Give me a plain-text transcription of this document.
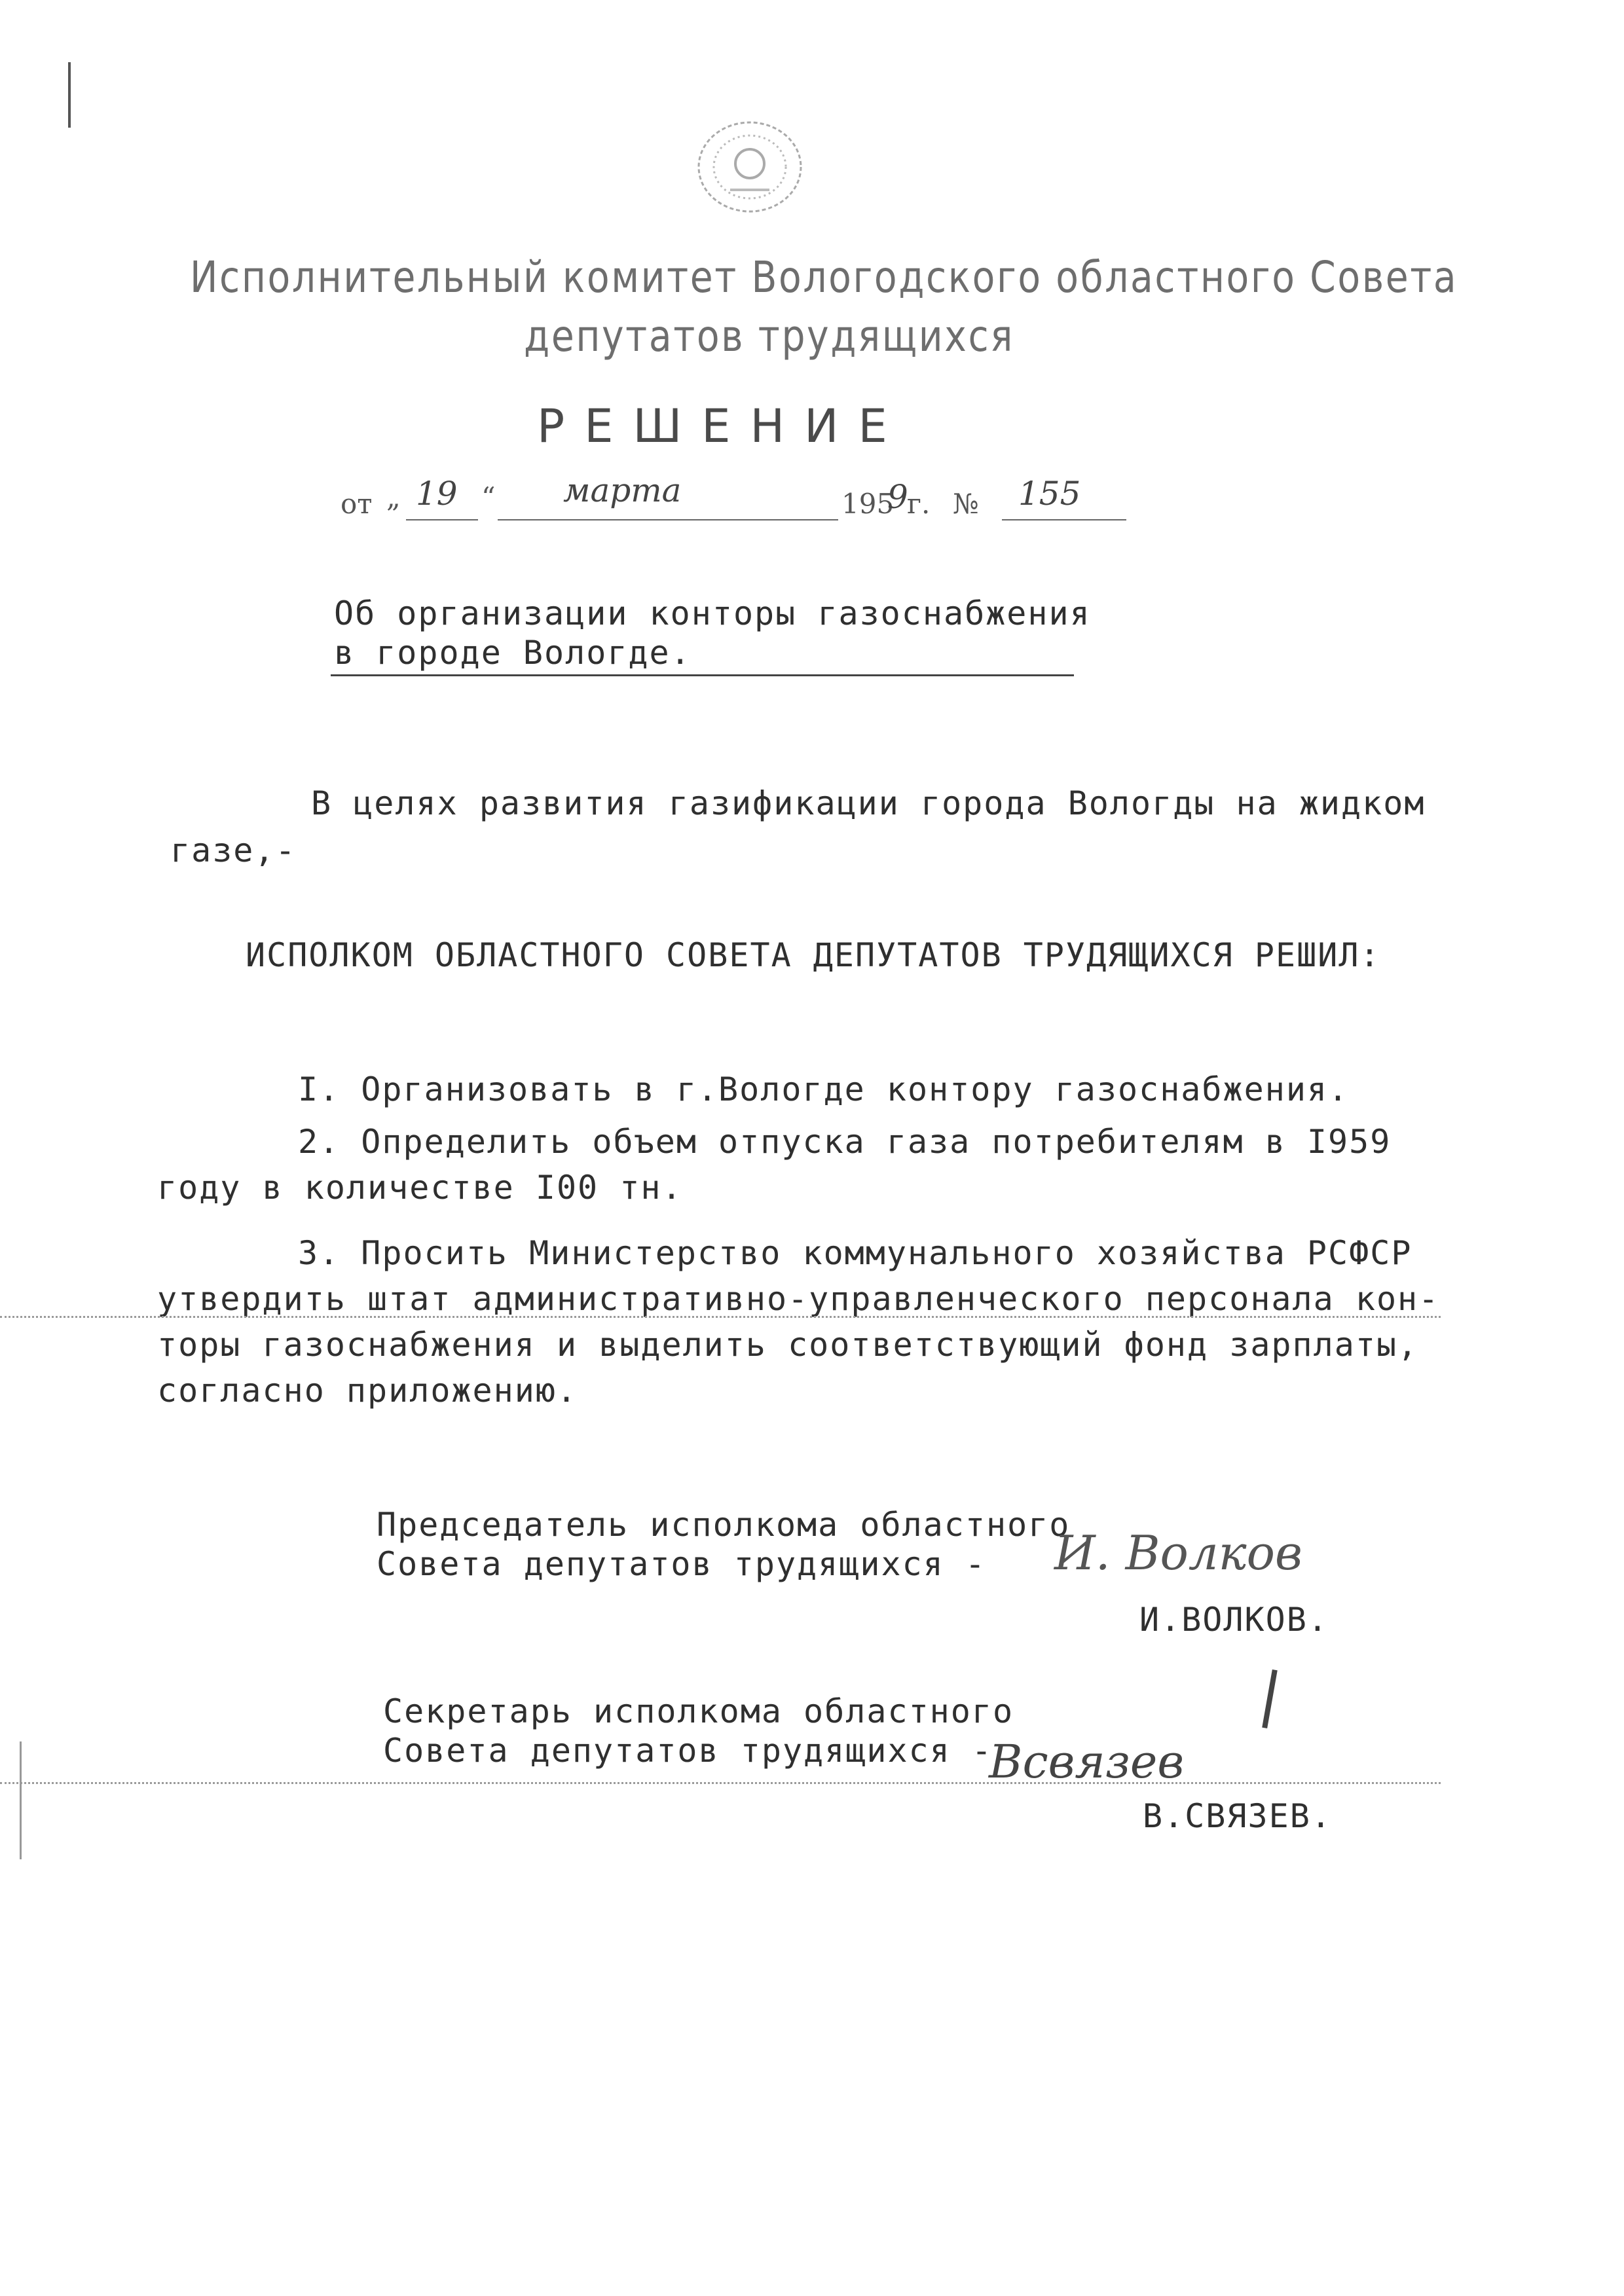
Исполнительный комитет Вологодского областного Совета
депутатов трудящихся
РЕШЕНИЕ
от „ 19 “ марта	195
9
г. № 155
Об организации конторы газоснабжения
в городе Вологде.
В целях развития газификации города Вологды на жидком
газе,-
ИСПОЛКОМ ОБЛАСТНОГО СОВЕТА ДЕПУТАТОВ ТРУДЯЩИХСЯ РЕШИЛ:
I. Организовать в г.Вологде контору газоснабжения.
2. Определить объем отпуска газа потребителям в I959
году в количестве I00 тн.
3. Просить Министерство коммунального хозяйства РСФСР
утвердить штат административно-управленческого персонала кон-
торы газоснабжения и выделить соответствующий фонд зарплаты,
согласно приложению.
Председатель исполкома областного
Совета депутатов трудящихся - И. Волков
И.ВОЛКОВ.
Секретарь исполкома областного
Совета депутатов трудящихся -
Всвязев
В.СВЯЗЕВ.
